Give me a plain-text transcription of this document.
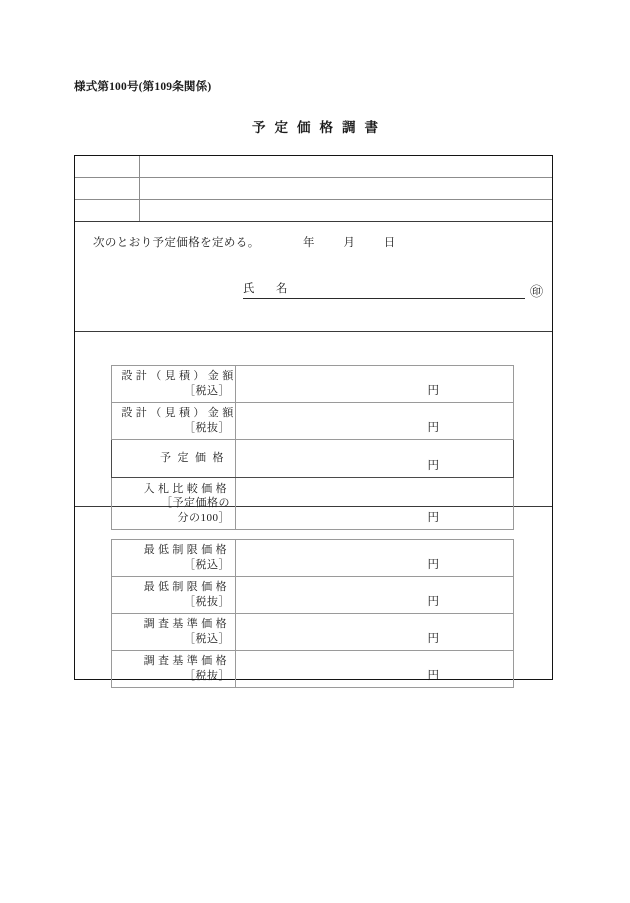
様式第100号(第109条関係)
予定価格調書

次のとおり予定価格を定める。	年	月	日
氏　名	㊞
設計（見積）金額
［税込］	円

設計（見積）金額
［税抜］	円

予定価格	円

入札比較価格
［予定価格の
分の100］	円
最低制限価格
［税込］	円

最低制限価格
［税抜］	円

調査基準価格
［税込］	円

調査基準価格
［税抜］	円
